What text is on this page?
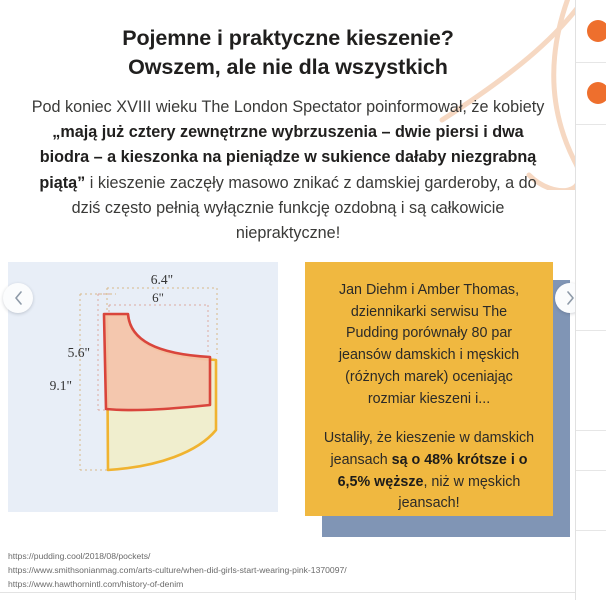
Pojemne i praktyczne kieszenie?
Owszem, ale nie dla wszystkich

Pod koniec XVIII wieku The London Spectator poinformował, że kobiety „mają już cztery zewnętrzne wybrzuszenia – dwie piersi i dwa biodra – a kieszonka na pieniądze w sukience dałaby niezgrabną piątą” i kieszenie zaczęły masowo znikać z damskiej garderoby, a do dziś często pełnią wyłącznie funkcję ozdobną i są całkowicie niepraktyczne!

6.4"
6"
5.6"
9.1"

Jan Diehm i Amber Thomas, dziennikarki serwisu The Pudding porównały 80 par jeansów damskich i męskich (różnych marek) oceniając rozmiar kieszeni i...

Ustaliły, że kieszenie w damskich jeansach są o 48% krótsze i o 6,5% węższe, niż w męskich jeansach!

https://pudding.cool/2018/08/pockets/
https://www.smithsonianmag.com/arts-culture/when-did-girls-start-wearing-pink-1370097/
https://www.hawthornintl.com/history-of-denim
